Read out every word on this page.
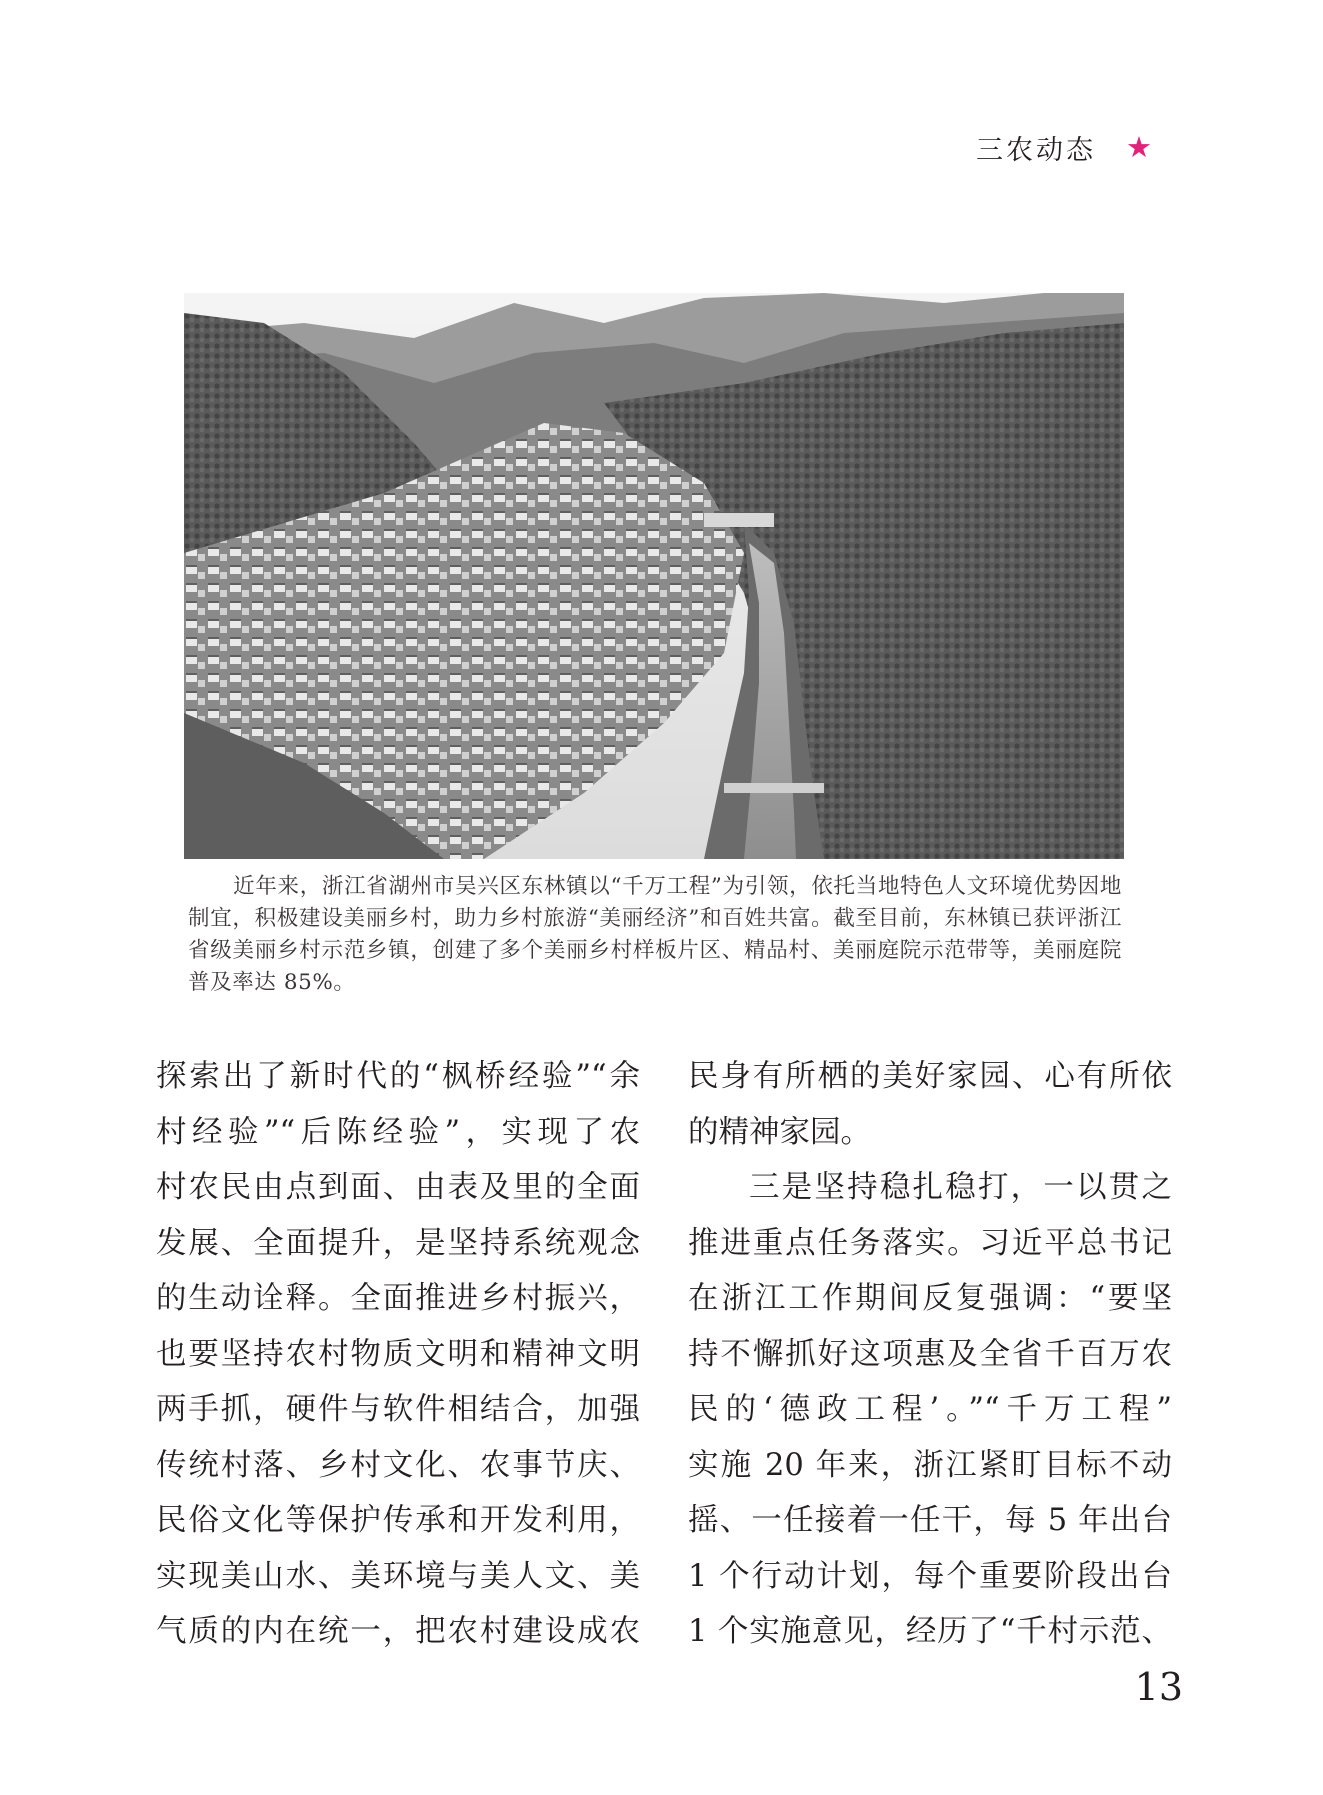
三农动态 ★
近年来，浙江省湖州市吴兴区东林镇以“千万工程”为引领，依托当地特色人文环境优势因地制宜，积极建设美丽乡村，助力乡村旅游“美丽经济”和百姓共富。截至目前，东林镇已获评浙江省级美丽乡村示范乡镇，创建了多个美丽乡村样板片区、精品村、美丽庭院示范带等，美丽庭院普及率达 85%。
探索出了新时代的“枫桥经验”“余
村经验”“后陈经验”，实现了农
村农民由点到面、由表及里的全面
发展、全面提升，是坚持系统观念
的生动诠释。全面推进乡村振兴，
也要坚持农村物质文明和精神文明
两手抓，硬件与软件相结合，加强
传统村落、乡村文化、农事节庆、
民俗文化等保护传承和开发利用，
实现美山水、美环境与美人文、美
气质的内在统一，把农村建设成农
民身有所栖的美好家园、心有所依
的精神家园。
三是坚持稳扎稳打，一以贯之
推进重点任务落实。习近平总书记
在浙江工作期间反复强调：“要坚
持不懈抓好这项惠及全省千百万农
民的‘德政工程’。”“千万工程”
实施 20 年来，浙江紧盯目标不动
摇、一任接着一任干，每 5 年出台
1 个行动计划，每个重要阶段出台
1 个实施意见，经历了“千村示范、
13
